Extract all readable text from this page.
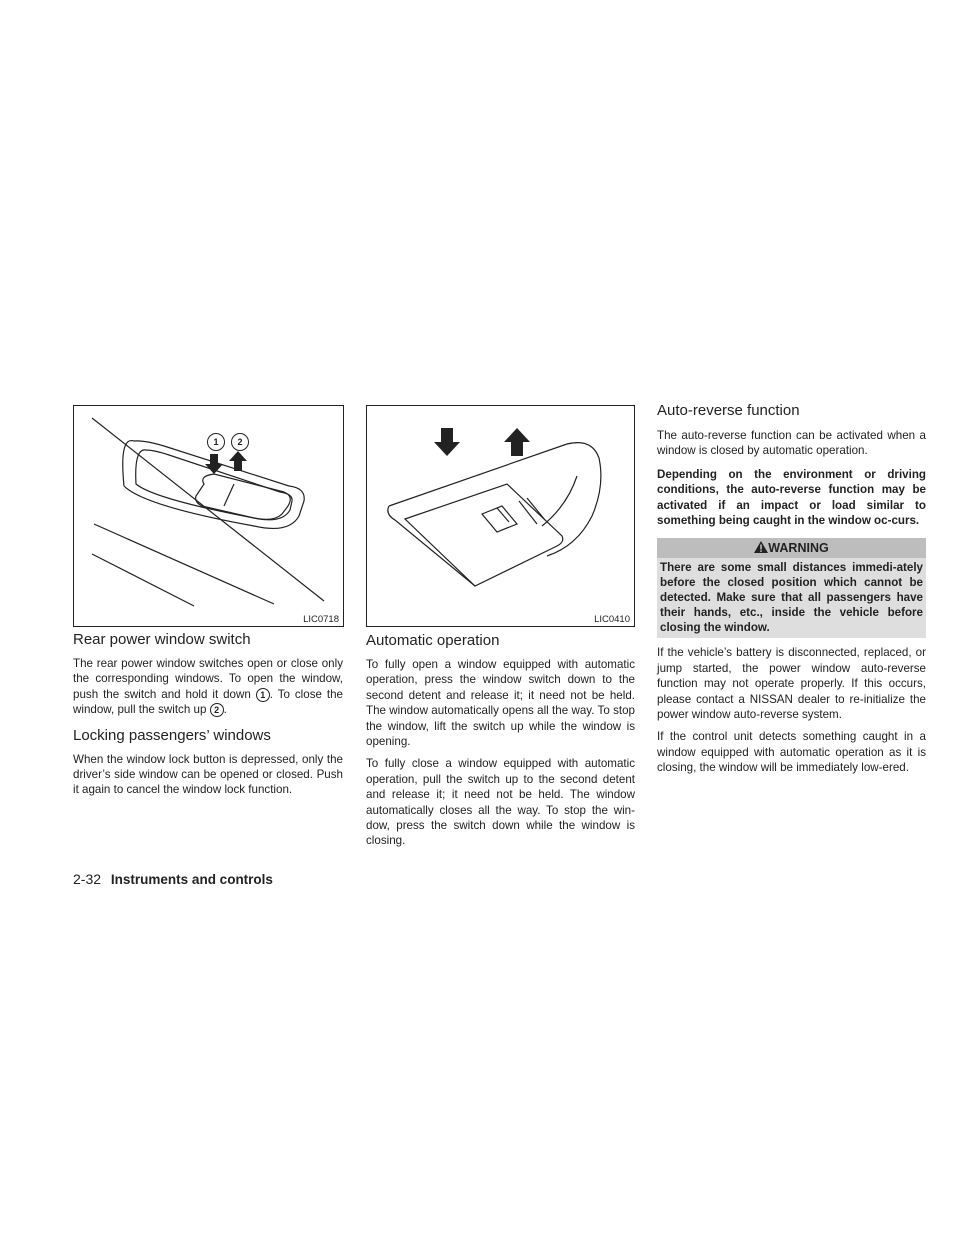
1	2
LIC0718	LIC0410
Rear power window switch

The rear power window switches open or close only the corresponding windows. To open the window, push the switch and hold it down 1 . To close the window, pull the switch up 2 .

Locking passengers’ windows

When the window lock button is depressed, only the driver’s side window can be opened or closed. Push it again to cancel the window lock function.

Automatic operation

To fully open a window equipped with automatic operation, press the window switch down to the second detent and release it; it need not be held. The window automatically opens all the way. To stop the window, lift the switch up while the window is opening.

To fully close a window equipped with automatic operation, pull the switch up to the second detent and release it; it need not be held. The window automatically closes all the way. To stop the win-dow, press the switch down while the window is closing.

Auto-reverse function

The auto-reverse function can be activated when a window is closed by automatic operation.

Depending on the environment or driving conditions, the auto-reverse function may be activated if an impact or load similar to something being caught in the window oc-curs.

WARNING
There are some small distances immedi-ately before the closed position which cannot be detected. Make sure that all passengers have their hands, etc., inside the vehicle before closing the window.

If the vehicle’s battery is disconnected, replaced, or jump started, the power window auto-reverse function may not operate properly. If this occurs, please contact a NISSAN dealer to re-initialize the power window auto-reverse system.

If the control unit detects something caught in a window equipped with automatic operation as it is closing, the window will be immediately low-ered.

2-32 Instruments and controls
